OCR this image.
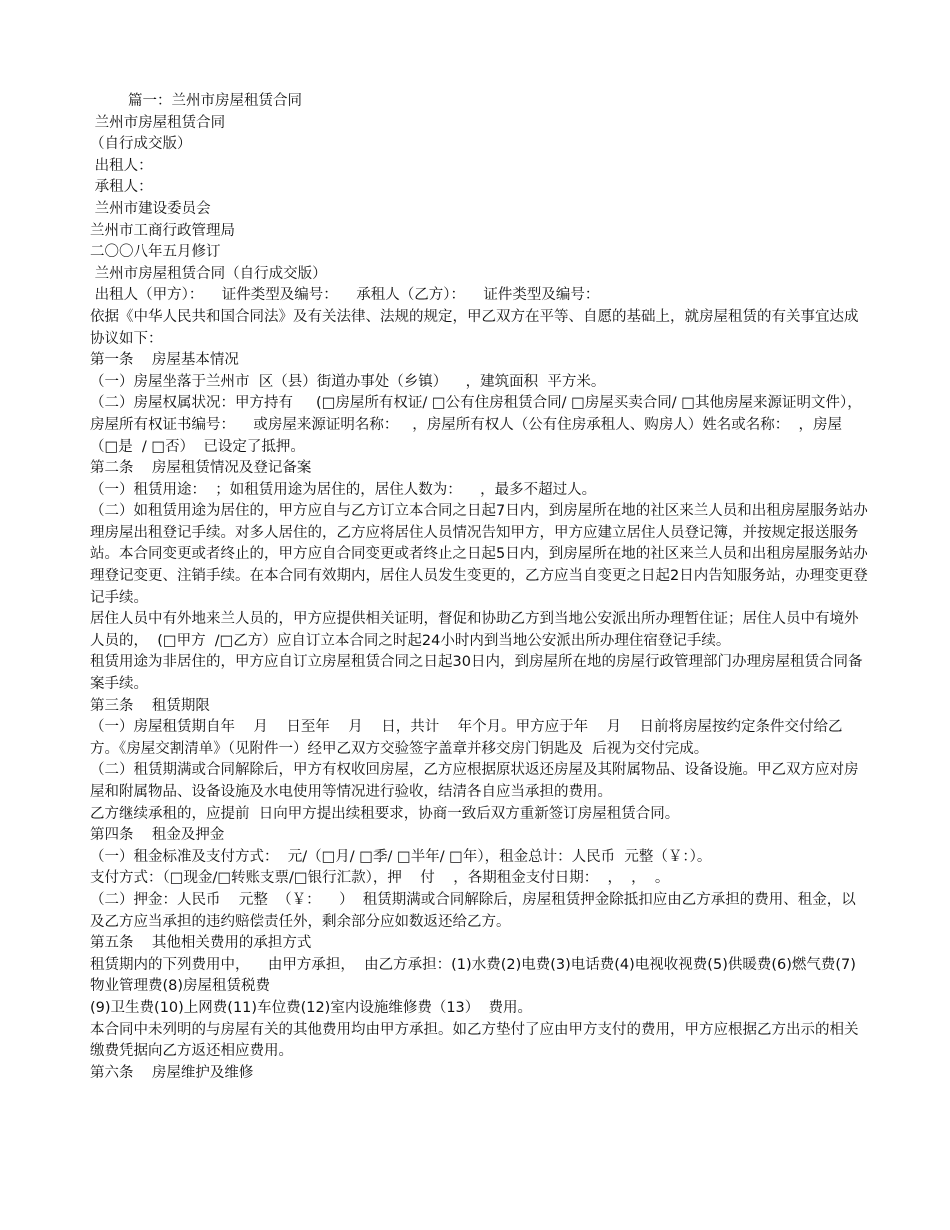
篇一：兰州市房屋租赁合同
兰州市房屋租赁合同
（自行成交版）
出租人：
承租人：
兰州市建设委员会
兰州市工商行政管理局
二〇〇八年五月修订
兰州市房屋租赁合同（自行成交版）
出租人（甲方）：    证件类型及编号：    承租人（乙方）：    证件类型及编号：
依据《中华人民共和国合同法》及有关法律、法规的规定，甲乙双方在平等、自愿的基础上，就房屋租赁的有关事宜达成协议如下：
第一条    房屋基本情况
（一）房屋坐落于兰州市  区（县）街道办事处（乡镇）    ，建筑面积  平方米。
（二）房屋权属状况：甲方持有     (□房屋所有权证/ □公有住房租赁合同/ □房屋买卖合同/ □其他房屋来源证明文件），房屋所有权证书编号：    或房屋来源证明名称：   ，房屋所有权人（公有住房承租人、购房人）姓名或名称：  ，房屋（□是  / □否）  已设定了抵押。
第二条    房屋租赁情况及登记备案
（一）租赁用途：  ；如租赁用途为居住的，居住人数为：    ，最多不超过人。
（二）如租赁用途为居住的，甲方应自与乙方订立本合同之日起7日内，到房屋所在地的社区来兰人员和出租房屋服务站办理房屋出租登记手续。对多人居住的，乙方应将居住人员情况告知甲方，甲方应建立居住人员登记簿，并按规定报送服务站。本合同变更或者终止的，甲方应自合同变更或者终止之日起5日内，到房屋所在地的社区来兰人员和出租房屋服务站办理登记变更、注销手续。在本合同有效期内，居住人员发生变更的，乙方应当自变更之日起2日内告知服务站，办理变更登记手续。
居住人员中有外地来兰人员的，甲方应提供相关证明，督促和协助乙方到当地公安派出所办理暂住证；居住人员中有境外人员的，  (□甲方  /□乙方）应自订立本合同之时起24小时内到当地公安派出所办理住宿登记手续。
租赁用途为非居住的，甲方应自订立房屋租赁合同之日起30日内，到房屋所在地的房屋行政管理部门办理房屋租赁合同备案手续。
第三条    租赁期限
（一）房屋租赁期自年    月    日至年    月    日，共计    年个月。甲方应于年    月    日前将房屋按约定条件交付给乙方。《房屋交割清单》（见附件一）经甲乙双方交验签字盖章并移交房门钥匙及  后视为交付完成。
（二）租赁期满或合同解除后，甲方有权收回房屋，乙方应根据原状返还房屋及其附属物品、设备设施。甲乙双方应对房屋和附属物品、设备设施及水电使用等情况进行验收，结清各自应当承担的费用。
乙方继续承租的，应提前  日向甲方提出续租要求，协商一致后双方重新签订房屋租赁合同。
第四条    租金及押金
（一）租金标准及支付方式：  元/（□月/ □季/ □半年/ □年），租金总计：人民币  元整（￥：）。
支付方式：（□现金/□转账支票/□银行汇款），押    付    ，各期租金支付日期：  ，  ，  。
（二）押金：人民币    元整  （￥：    ）  租赁期满或合同解除后，房屋租赁押金除抵扣应由乙方承担的费用、租金，以及乙方应当承担的违约赔偿责任外，剩余部分应如数返还给乙方。
第五条    其他相关费用的承担方式
租赁期内的下列费用中，    由甲方承担，  由乙方承担：(1)水费(2)电费(3)电话费(4)电视收视费(5)供暖费(6)燃气费(7)物业管理费(8)房屋租赁税费
(9)卫生费(10)上网费(11)车位费(12)室内设施维修费（13）  费用。
本合同中未列明的与房屋有关的其他费用均由甲方承担。如乙方垫付了应由甲方支付的费用，甲方应根据乙方出示的相关缴费凭据向乙方返还相应费用。
第六条    房屋维护及维修
